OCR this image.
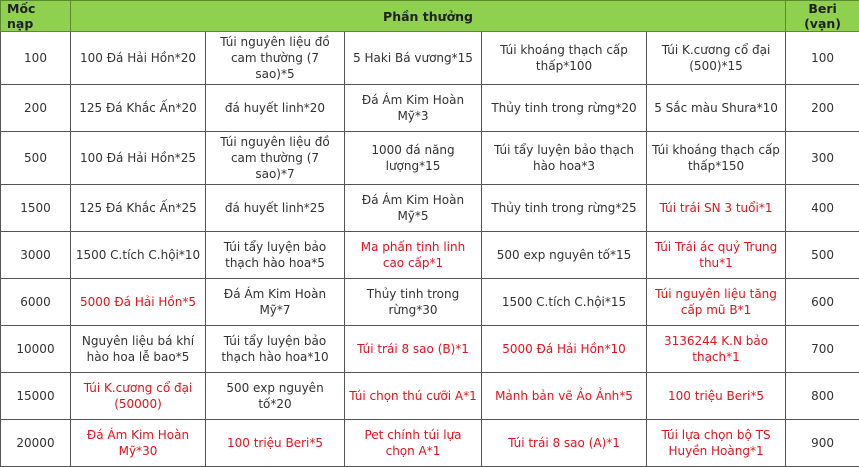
Mốc nạp	Phần thưởng					Beri (vạn)
100	100 Đá Hải Hồn*20	Túi nguyên liệu đồ cam thường (7 sao)*5	5 Haki Bá vương*15	Túi khoáng thạch cấp thấp*100	Túi K.cương cổ đại (500)*15	100
200	125 Đá Khắc Ấn*20	đá huyết linh*20	Đá Ám Kim Hoàn Mỹ*3	Thủy tinh trong rừng*20	5 Sắc màu Shura*10	200
500	100 Đá Hải Hồn*25	Túi nguyên liệu đồ cam thường (7 sao)*7	1000 đá năng lượng*15	Túi tẩy luyện bảo thạch hào hoa*3	Túi khoáng thạch cấp thấp*150	300
1500	125 Đá Khắc Ấn*25	đá huyết linh*25	Đá Ám Kim Hoàn Mỹ*5	Thủy tinh trong rừng*25	Túi trái SN 3 tuổi*1	400
3000	1500 C.tích C.hội*10	Túi tẩy luyện bảo thạch hào hoa*5	Ma phấn tinh linh cao cấp*1	500 exp nguyên tố*15	Túi Trái ác quỷ Trung thu*1	500
6000	5000 Đá Hải Hồn*5	Đá Ám Kim Hoàn Mỹ*7	Thủy tinh trong rừng*30	1500 C.tích C.hội*15	Túi nguyên liệu tăng cấp mũ B*1	600
10000	Nguyên liệu bá khí hào hoa lễ bao*5	Túi tẩy luyện bảo thạch hào hoa*10	Túi trái 8 sao (B)*1	5000 Đá Hải Hồn*10	3136244 K.N bảo thạch*1	700
15000	Túi K.cương cổ đại (50000)	500 exp nguyên tố*20	Túi chọn thú cưỡi A*1	Mảnh bản vẽ Ảo Ảnh*5	100 triệu Beri*5	800
20000	Đá Ám Kim Hoàn Mỹ*30	100 triệu Beri*5	Pet chính túi lựa chọn A*1	Túi trái 8 sao (A)*1	Túi lựa chọn bộ TS Huyền Hoàng*1	900
